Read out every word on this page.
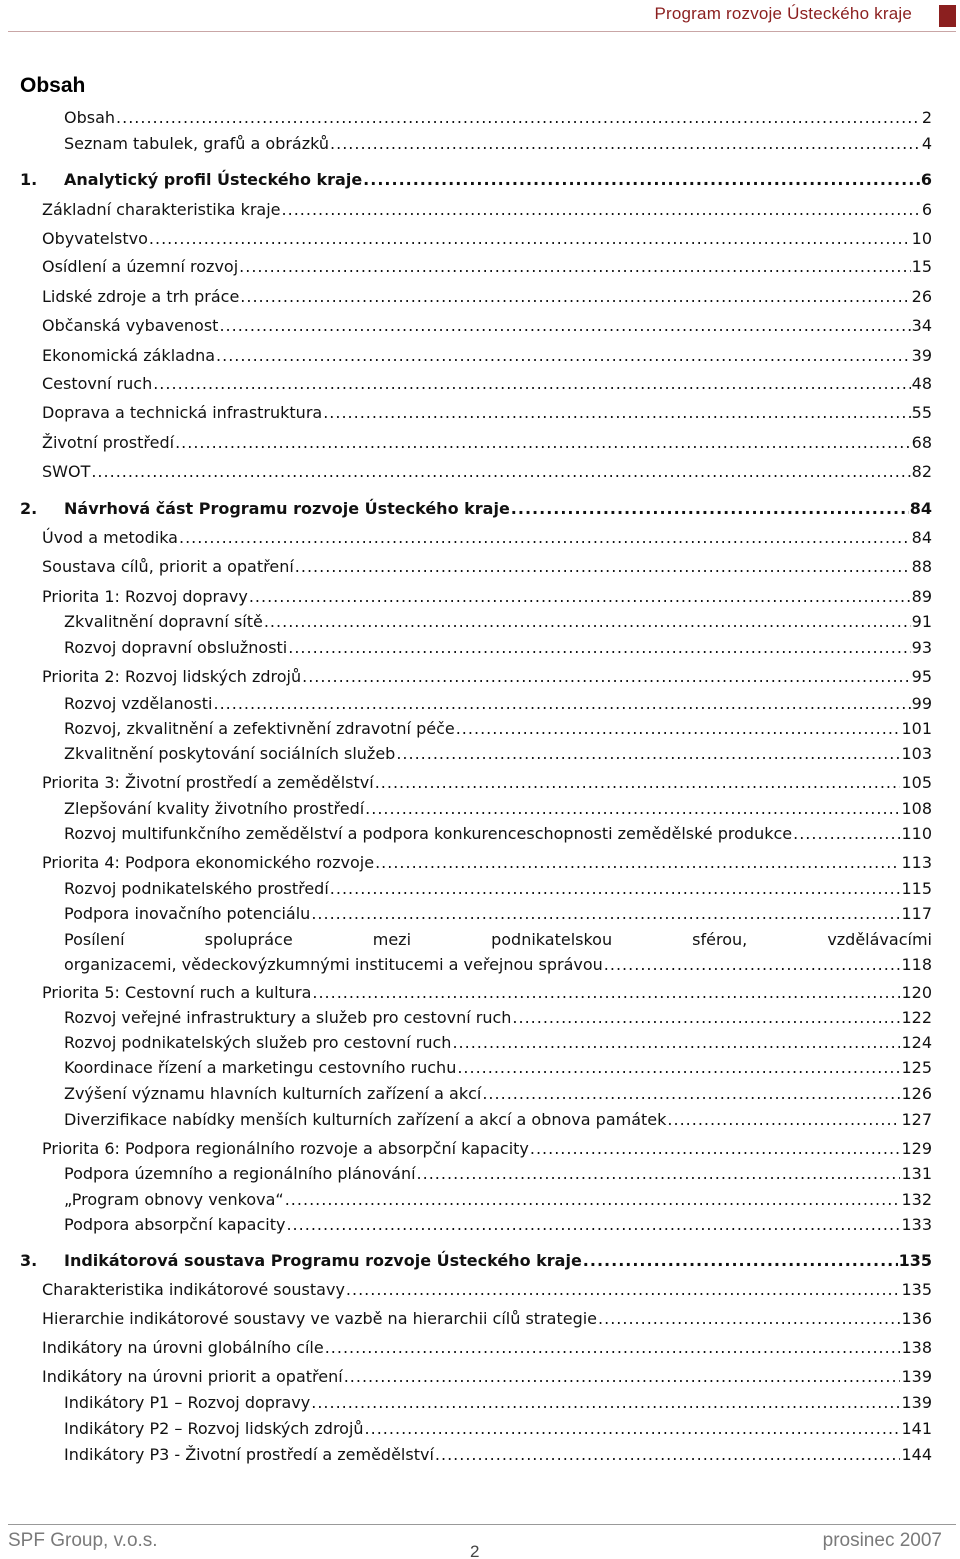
Program rozvoje Ústeckého kraje
Obsah
Obsah .....	2
Seznam tabulek, grafů a obrázků .....	4
1.	Analytický profil Ústeckého kraje .....	6
Základní charakteristika kraje .....	6
Obyvatelstvo .....	10
Osídlení a územní rozvoj .....	15
Lidské zdroje a trh práce .....	26
Občanská vybavenost .....	34
Ekonomická základna .....	39
Cestovní ruch .....	48
Doprava a technická infrastruktura .....	55
Životní prostředí .....	68
SWOT .....	82
2.	Návrhová část Programu rozvoje Ústeckého kraje .....	84
Úvod a metodika .....	84
Soustava cílů, priorit a opatření .....	88
Priorita 1: Rozvoj dopravy .....	89
Zkvalitnění dopravní sítě .....	91
Rozvoj dopravní obslužnosti .....	93
Priorita 2: Rozvoj lidských zdrojů .....	95
Rozvoj vzdělanosti .....	99
Rozvoj, zkvalitnění a zefektivnění zdravotní péče .....	101
Zkvalitnění poskytování sociálních služeb .....	103
Priorita 3: Životní prostředí a zemědělství .....	105
Zlepšování kvality životního prostředí .....	108
Rozvoj multifunkčního zemědělství a podpora konkurenceschopnosti zemědělské produkce .....	110
Priorita 4: Podpora ekonomického rozvoje .....	113
Rozvoj podnikatelského prostředí .....	115
Podpora inovačního potenciálu .....	117
Posílení	spolupráce	mezi	podnikatelskou	sférou,	vzdělávacími
organizacemi, vědeckovýzkumnými institucemi a veřejnou správou .....	118
Priorita 5: Cestovní ruch a kultura .....	120
Rozvoj veřejné infrastruktury a služeb pro cestovní ruch .....	122
Rozvoj podnikatelských služeb pro cestovní ruch .....	124
Koordinace řízení a marketingu cestovního ruchu .....	125
Zvýšení významu hlavních kulturních zařízení a akcí .....	126
Diverzifikace nabídky menších kulturních zařízení a akcí a obnova památek .....	127
Priorita 6: Podpora regionálního rozvoje a absorpční kapacity .....	129
Podpora územního a regionálního plánování .....	131
„Program obnovy venkova“ .....	132
Podpora absorpční kapacity .....	133
3.	Indikátorová soustava Programu rozvoje Ústeckého kraje .....	135
Charakteristika indikátorové soustavy .....	135
Hierarchie indikátorové soustavy ve vazbě na hierarchii cílů strategie .....	136
Indikátory na úrovni globálního cíle .....	138
Indikátory na úrovni priorit a opatření .....	139
Indikátory P1 – Rozvoj dopravy .....	139
Indikátory P2 – Rozvoj lidských zdrojů .....	141
Indikátory P3 - Životní prostředí a zemědělství .....	144
SPF Group, v.o.s.
2
prosinec 2007
